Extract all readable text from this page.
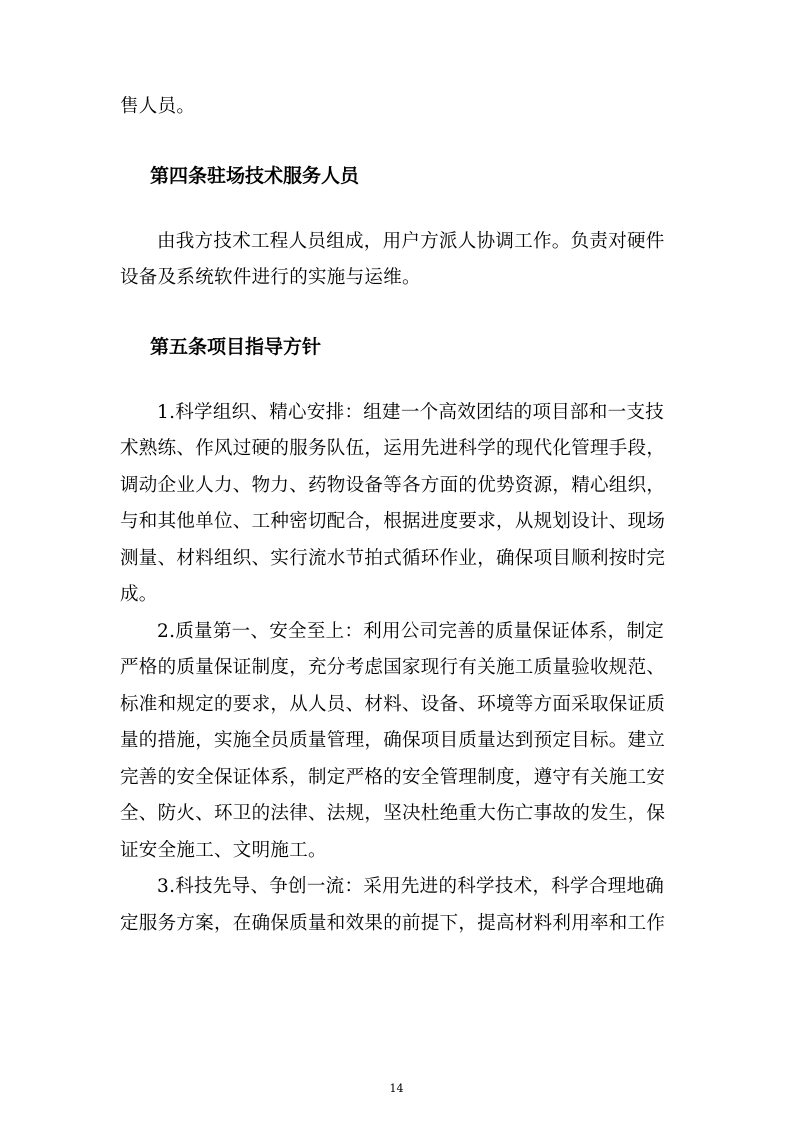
售人员。
第四条驻场技术服务人员
由我方技术工程人员组成，用户方派人协调工作。负责对硬件
设备及系统软件进行的实施与运维。
第五条项目指导方针
1.科学组织、精心安排：组建一个高效团结的项目部和一支技
术熟练、作风过硬的服务队伍，运用先进科学的现代化管理手段，
调动企业人力、物力、药物设备等各方面的优势资源，精心组织，
与和其他单位、工种密切配合，根据进度要求，从规划设计、现场
测量、材料组织、实行流水节拍式循环作业，确保项目顺利按时完
成。
2.质量第一、安全至上：利用公司完善的质量保证体系，制定
严格的质量保证制度，充分考虑国家现行有关施工质量验收规范、
标准和规定的要求，从人员、材料、设备、环境等方面采取保证质
量的措施，实施全员质量管理，确保项目质量达到预定目标。建立
完善的安全保证体系，制定严格的安全管理制度，遵守有关施工安
全、防火、环卫的法律、法规，坚决杜绝重大伤亡事故的发生，保
证安全施工、文明施工。
3.科技先导、争创一流：采用先进的科学技术，科学合理地确
定服务方案，在确保质量和效果的前提下，提高材料利用率和工作
14
